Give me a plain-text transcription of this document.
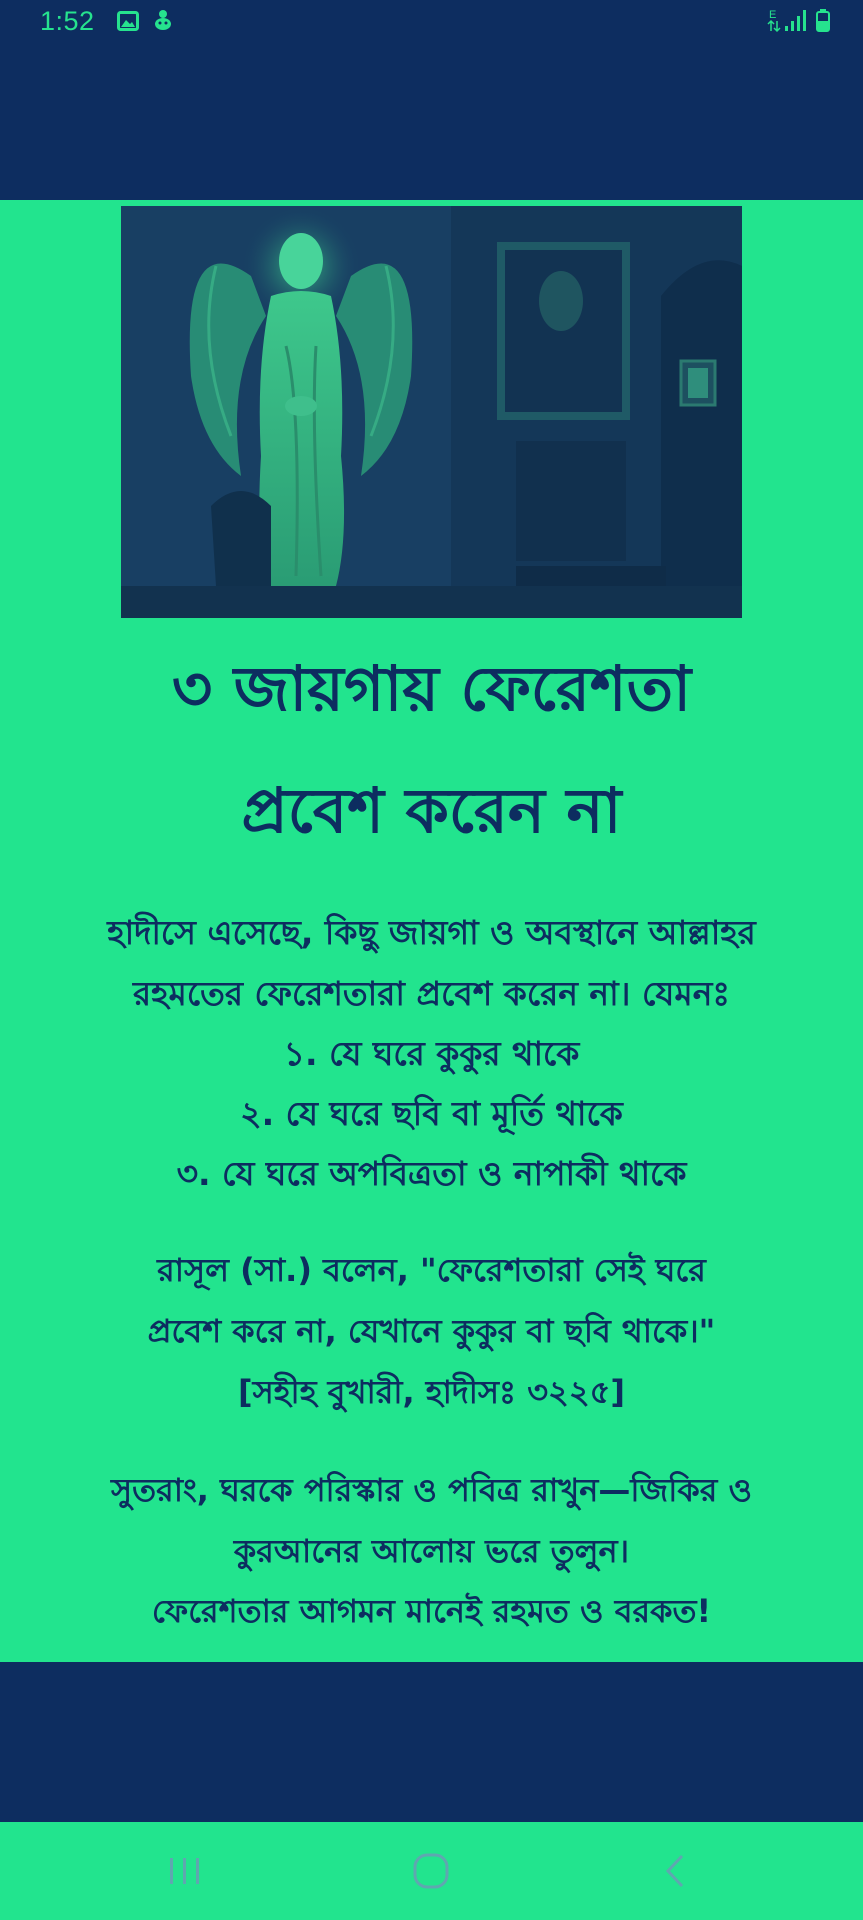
1:52	E
৩ জায়গায় ফেরেশতা
প্রবেশ করেন না

হাদীসে এসেছে, কিছু জায়গা ও অবস্থানে আল্লাহর

রহমতের ফেরেশতারা প্রবেশ করেন না। যেমনঃ

১. যে ঘরে কুকুর থাকে

২. যে ঘরে ছবি বা মূর্তি থাকে

৩. যে ঘরে অপবিত্রতা ও নাপাকী থাকে

রাসূল (সা.) বলেন, "ফেরেশতারা সেই ঘরে

প্রবেশ করে না, যেখানে কুকুর বা ছবি থাকে।"

[সহীহ বুখারী, হাদীসঃ ৩২২৫]

সুতরাং, ঘরকে পরিস্কার ও পবিত্র রাখুন—জিকির ও

কুরআনের আলোয় ভরে তুলুন।

ফেরেশতার আগমন মানেই রহমত ও বরকত!
